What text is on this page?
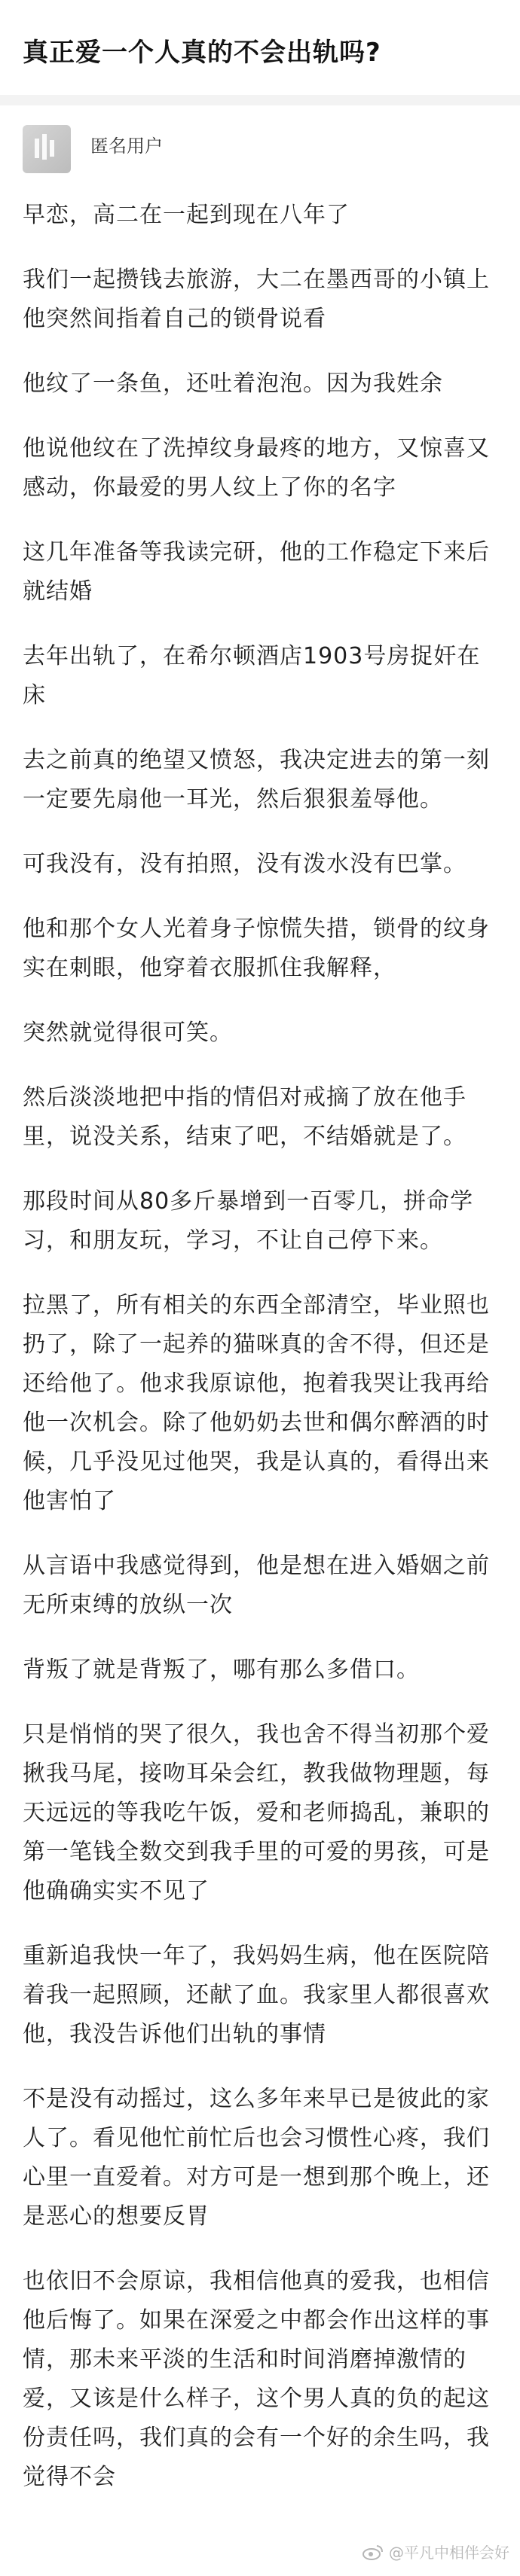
真正爱一个人真的不会出轨吗?
匿名用户

早恋，高二在一起到现在八年了

我们一起攒钱去旅游，大二在墨西哥的小镇上他突然间指着自己的锁骨说看

他纹了一条鱼，还吐着泡泡。因为我姓余

他说他纹在了洗掉纹身最疼的地方，又惊喜又感动，你最爱的男人纹上了你的名字

这几年准备等我读完研，他的工作稳定下来后就结婚

去年出轨了，在希尔顿酒店1903号房捉奸在床

去之前真的绝望又愤怒，我决定进去的第一刻一定要先扇他一耳光，然后狠狠羞辱他。

可我没有，没有拍照，没有泼水没有巴掌。

他和那个女人光着身子惊慌失措，锁骨的纹身实在刺眼，他穿着衣服抓住我解释，

突然就觉得很可笑。

然后淡淡地把中指的情侣对戒摘了放在他手里，说没关系，结束了吧，不结婚就是了。

那段时间从80多斤暴增到一百零几，拼命学习，和朋友玩，学习，不让自己停下来。

拉黑了，所有相关的东西全部清空，毕业照也扔了，除了一起养的猫咪真的舍不得，但还是还给他了。他求我原谅他，抱着我哭让我再给他一次机会。除了他奶奶去世和偶尔醉酒的时候，几乎没见过他哭，我是认真的，看得出来他害怕了

从言语中我感觉得到，他是想在进入婚姻之前无所束缚的放纵一次

背叛了就是背叛了，哪有那么多借口。

只是悄悄的哭了很久，我也舍不得当初那个爱揪我马尾，接吻耳朵会红，教我做物理题，每天远远的等我吃午饭，爱和老师捣乱，兼职的第一笔钱全数交到我手里的可爱的男孩，可是他确确实实不见了

重新追我快一年了，我妈妈生病，他在医院陪着我一起照顾，还献了血。我家里人都很喜欢他，我没告诉他们出轨的事情

不是没有动摇过，这么多年来早已是彼此的家人了。看见他忙前忙后也会习惯性心疼，我们心里一直爱着。对方可是一想到那个晚上，还是恶心的想要反胃

也依旧不会原谅，我相信他真的爱我，也相信他后悔了。如果在深爱之中都会作出这样的事情，那未来平淡的生活和时间消磨掉激情的爱，又该是什么样子，这个男人真的负的起这份责任吗，我们真的会有一个好的余生吗，我觉得不会

@平凡中相伴会好
